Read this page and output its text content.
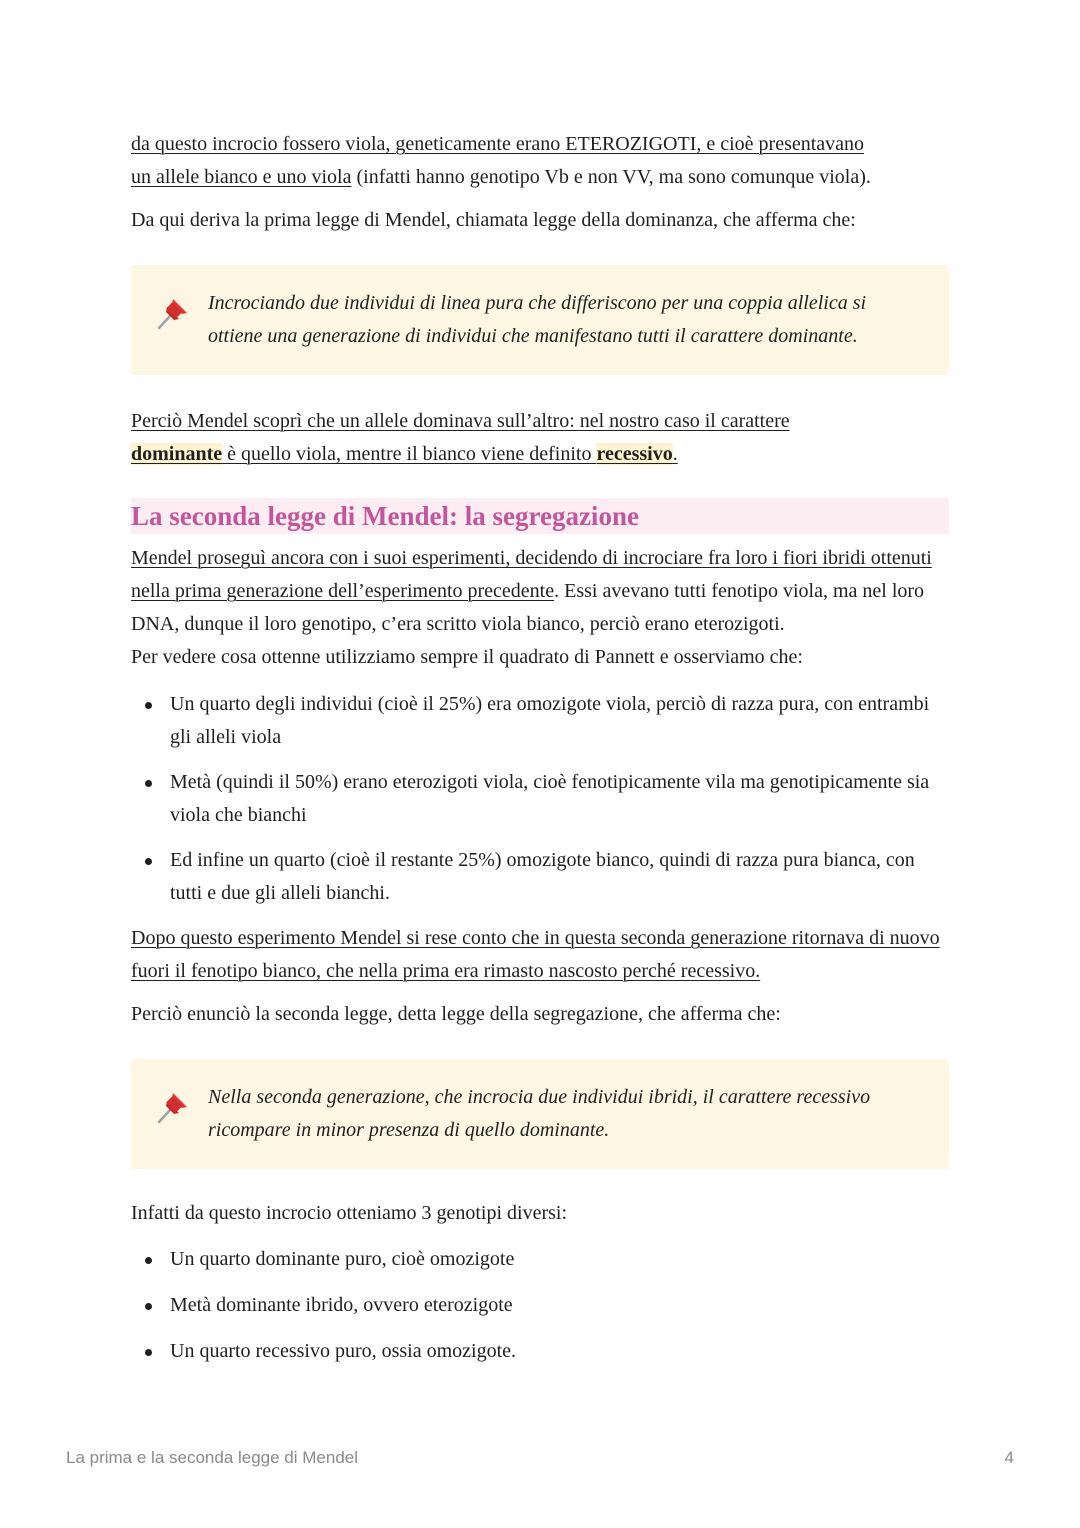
da questo incrocio fossero viola, geneticamente erano ETEROZIGOTI, e cioè presentavano

un allele bianco e uno viola (infatti hanno genotipo Vb e non VV, ma sono comunque viola).

Da qui deriva la prima legge di Mendel, chiamata legge della dominanza, che afferma che:

Incrociando due individui di linea pura che differiscono per una coppia allelica si ottiene una generazione di individui che manifestano tutti il carattere dominante.

Perciò Mendel scoprì che un allele dominava sull’altro: nel nostro caso il carattere

dominante è quello viola, mentre il bianco viene definito recessivo.

La seconda legge di Mendel: la segregazione

Mendel proseguì ancora con i suoi esperimenti, decidendo di incrociare fra loro i fiori ibridi ottenuti nella prima generazione dell’esperimento precedente. Essi avevano tutti fenotipo viola, ma nel loro DNA, dunque il loro genotipo, c’era scritto viola bianco, perciò erano eterozigoti.

Per vedere cosa ottenne utilizziamo sempre il quadrato di Pannett e osserviamo che:

Un quarto degli individui (cioè il 25%) era omozigote viola, perciò di razza pura, con entrambi gli alleli viola
Metà (quindi il 50%) erano eterozigoti viola, cioè fenotipicamente vila ma genotipicamente sia viola che bianchi
Ed infine un quarto (cioè il restante 25%) omozigote bianco, quindi di razza pura bianca, con tutti e due gli alleli bianchi.

Dopo questo esperimento Mendel si rese conto che in questa seconda generazione ritornava di nuovo fuori il fenotipo bianco, che nella prima era rimasto nascosto perché recessivo.

Perciò enunciò la seconda legge, detta legge della segregazione, che afferma che:

Nella seconda generazione, che incrocia due individui ibridi, il carattere recessivo ricompare in minor presenza di quello dominante.

Infatti da questo incrocio otteniamo 3 genotipi diversi:

Un quarto dominante puro, cioè omozigote
Metà dominante ibrido, ovvero eterozigote
Un quarto recessivo puro, ossia omozigote.
La prima e la seconda legge di Mendel	4
